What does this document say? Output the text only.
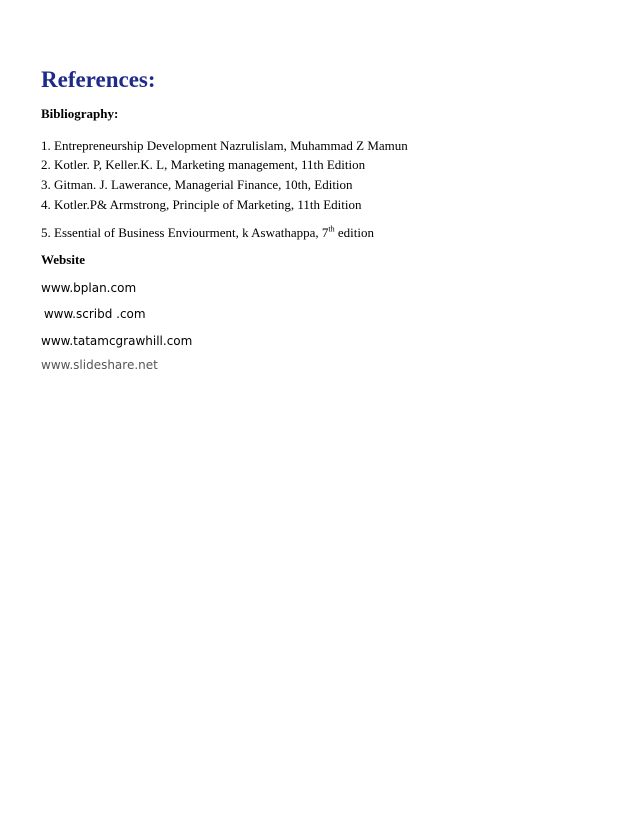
References:
Bibliography:
1. Entrepreneurship Development Nazrulislam, Muhammad Z Mamun
2. Kotler. P, Keller.K. L, Marketing management, 11th Edition
3. Gitman. J. Lawerance, Managerial Finance, 10th, Edition
4. Kotler.P& Armstrong, Principle of Marketing, 11th Edition
5. Essential of Business Enviourment, k Aswathappa, 7th edition
Website
www.bplan.com
www.scribd .com
www.tatamcgrawhill.com
www.slideshare.net
